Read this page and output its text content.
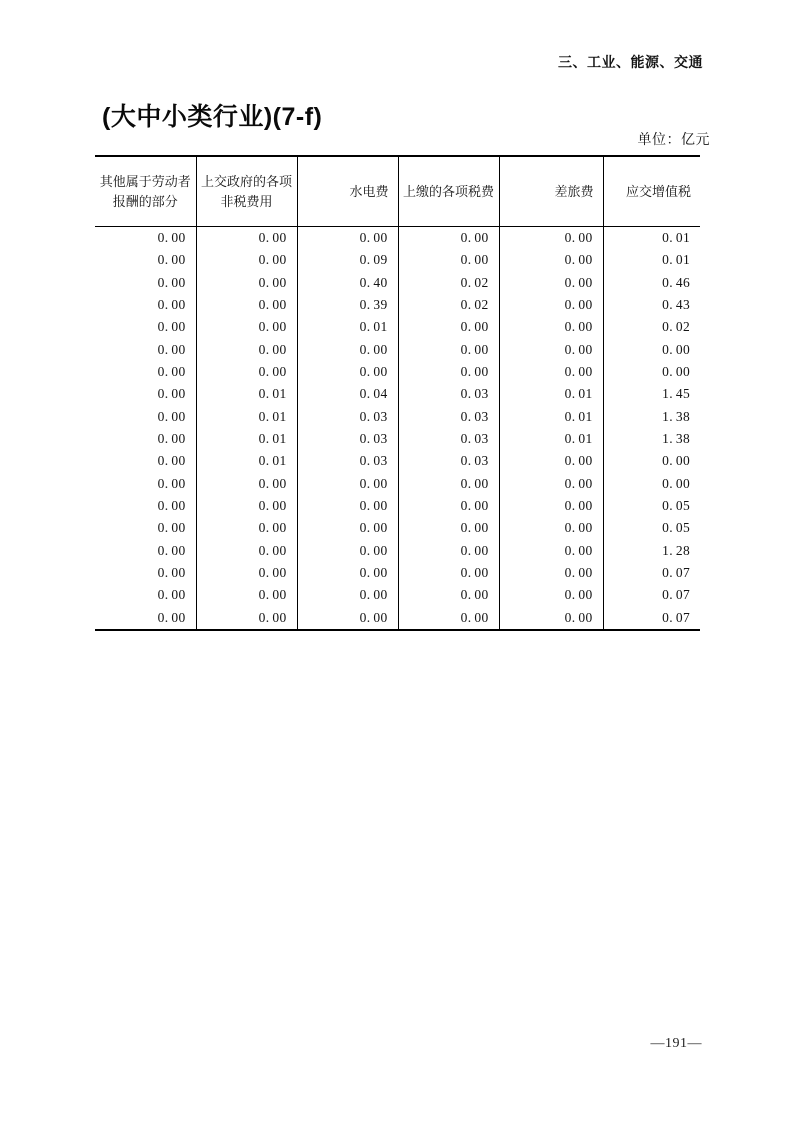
三、工业、能源、交通
(大中小类行业)(7-f)
单位：亿元
其他属于劳动者报酬的部分	上交政府的各项非税费用	水电费	上缴的各项税费	差旅费	应交增值税
0. 00	0. 00	0. 00	0. 00	0. 00	0. 01
0. 00	0. 00	0. 09	0. 00	0. 00	0. 01
0. 00	0. 00	0. 40	0. 02	0. 00	0. 46
0. 00	0. 00	0. 39	0. 02	0. 00	0. 43
0. 00	0. 00	0. 01	0. 00	0. 00	0. 02
0. 00	0. 00	0. 00	0. 00	0. 00	0. 00
0. 00	0. 00	0. 00	0. 00	0. 00	0. 00
0. 00	0. 01	0. 04	0. 03	0. 01	1. 45
0. 00	0. 01	0. 03	0. 03	0. 01	1. 38
0. 00	0. 01	0. 03	0. 03	0. 01	1. 38
0. 00	0. 01	0. 03	0. 03	0. 00	0. 00
0. 00	0. 00	0. 00	0. 00	0. 00	0. 00
0. 00	0. 00	0. 00	0. 00	0. 00	0. 05
0. 00	0. 00	0. 00	0. 00	0. 00	0. 05
0. 00	0. 00	0. 00	0. 00	0. 00	1. 28
0. 00	0. 00	0. 00	0. 00	0. 00	0. 07
0. 00	0. 00	0. 00	0. 00	0. 00	0. 07
0. 00	0. 00	0. 00	0. 00	0. 00	0. 07
—191—
